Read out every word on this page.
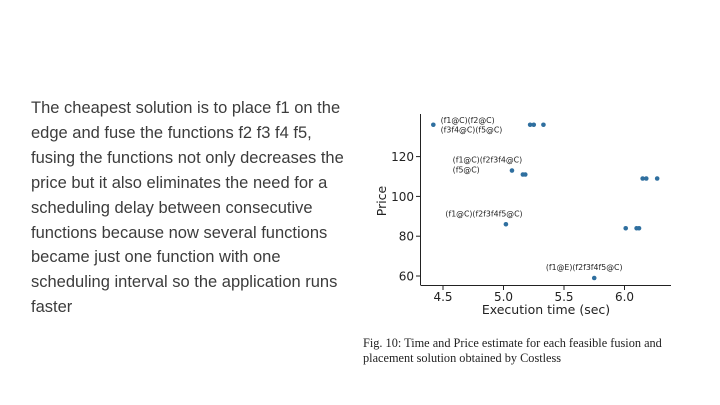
The cheapest solution is to place f1 on the edge and fuse the functions f2 f3 f4 f5, fusing the functions not only decreases the price but it also eliminates the need for a scheduling delay between consecutive functions because now several functions became just one function with one scheduling interval so the application runs faster
60
80
100
120
4.5	5.0	5.5	6.0
(f1@C)(f2@C)
(f3f4@C)(f5@C)
(f1@C)(f2f3f4@C)
(f5@C)
(f1@C)(f2f3f4f5@C)
(f1@E)(f2f3f4f5@C)
Execution time (sec)
Price
Fig. 10: Time and Price estimate for each feasible fusion and placement solution obtained by Costless
